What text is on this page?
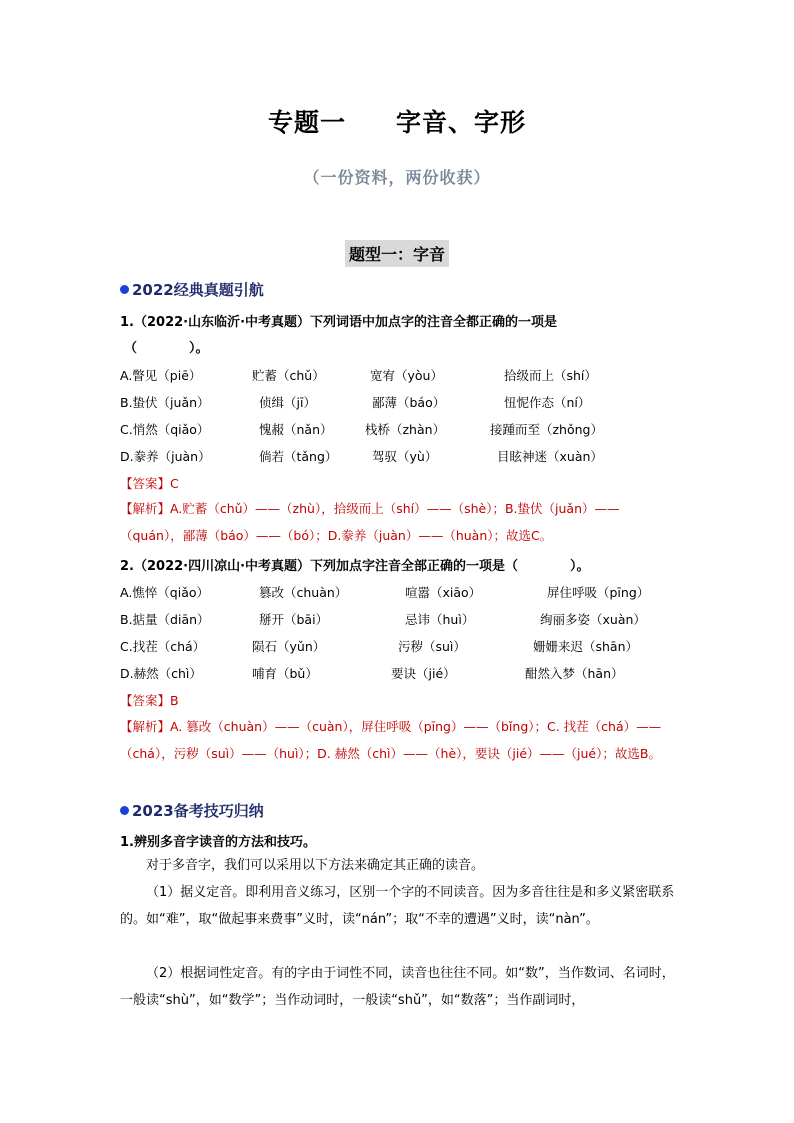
专题一 字音、字形
（一份资料，两份收获）
题型一：字音
2022经典真题引航
1.（2022·山东临沂·中考真题）下列词语中加点字的注音全都正确的一项是
（　　　　）。
A.瞥见（piē）	贮蓄（chǔ）	宽宥（yòu）	拾级而上（shí）
B.蛰伏（juǎn）	侦缉（jī）	鄙薄（báo）	忸怩作态（ní）
C.悄然（qiǎo）	愧赧（nǎn）	栈桥（zhàn）	接踵而至（zhǒng）
D.豢养（juàn）	倘若（tǎng）	驾驭（yù）	目眩神迷（xuàn）
【答案】C
【解析】A.贮蓄（chǔ）——（zhù），拾级而上（shí）——（shè）；B.蛰伏（juǎn）——（quán），鄙薄（báo）——（bó）；D.豢养（juàn）——（huàn）；故选C。
2.（2022·四川凉山·中考真题）下列加点字注音全部正确的一项是（　　　　）。
A.憔悴（qiǎo）	篡改（chuàn）	喧嚣（xiāo）	屏住呼吸（pīng）
B.掂量（diān）	掰开（bāi）	忌讳（huì）	绚丽多姿（xuàn）
C.找茬（chá）	陨石（yǔn）	污秽（suì）	姗姗来迟（shān）
D.赫然（chì）	哺育（bǔ）	要诀（jié）	酣然入梦（hān）
【答案】B
【解析】A. 篡改（chuàn）——（cuàn），屏住呼吸（pīng）——（bǐng）；C. 找茬（chá）——（chá），污秽（suì）——（huì）；D. 赫然（chì）——（hè），要诀（jié）——（jué）；故选B。
2023备考技巧归纳
1.辨别多音字读音的方法和技巧。
对于多音字，我们可以采用以下方法来确定其正确的读音。
（1）据义定音。即利用音义练习，区别一个字的不同读音。因为多音往往是和多义紧密联系的。如“难”，取“做起事来费事”义时，读“nán”；取“不幸的遭遇”义时，读“nàn”。
（2）根据词性定音。有的字由于词性不同，读音也往往不同。如“数”，当作数词、名词时，一般读“shù”，如“数学”；当作动词时，一般读“shǔ”，如“数落”；当作副词时，
